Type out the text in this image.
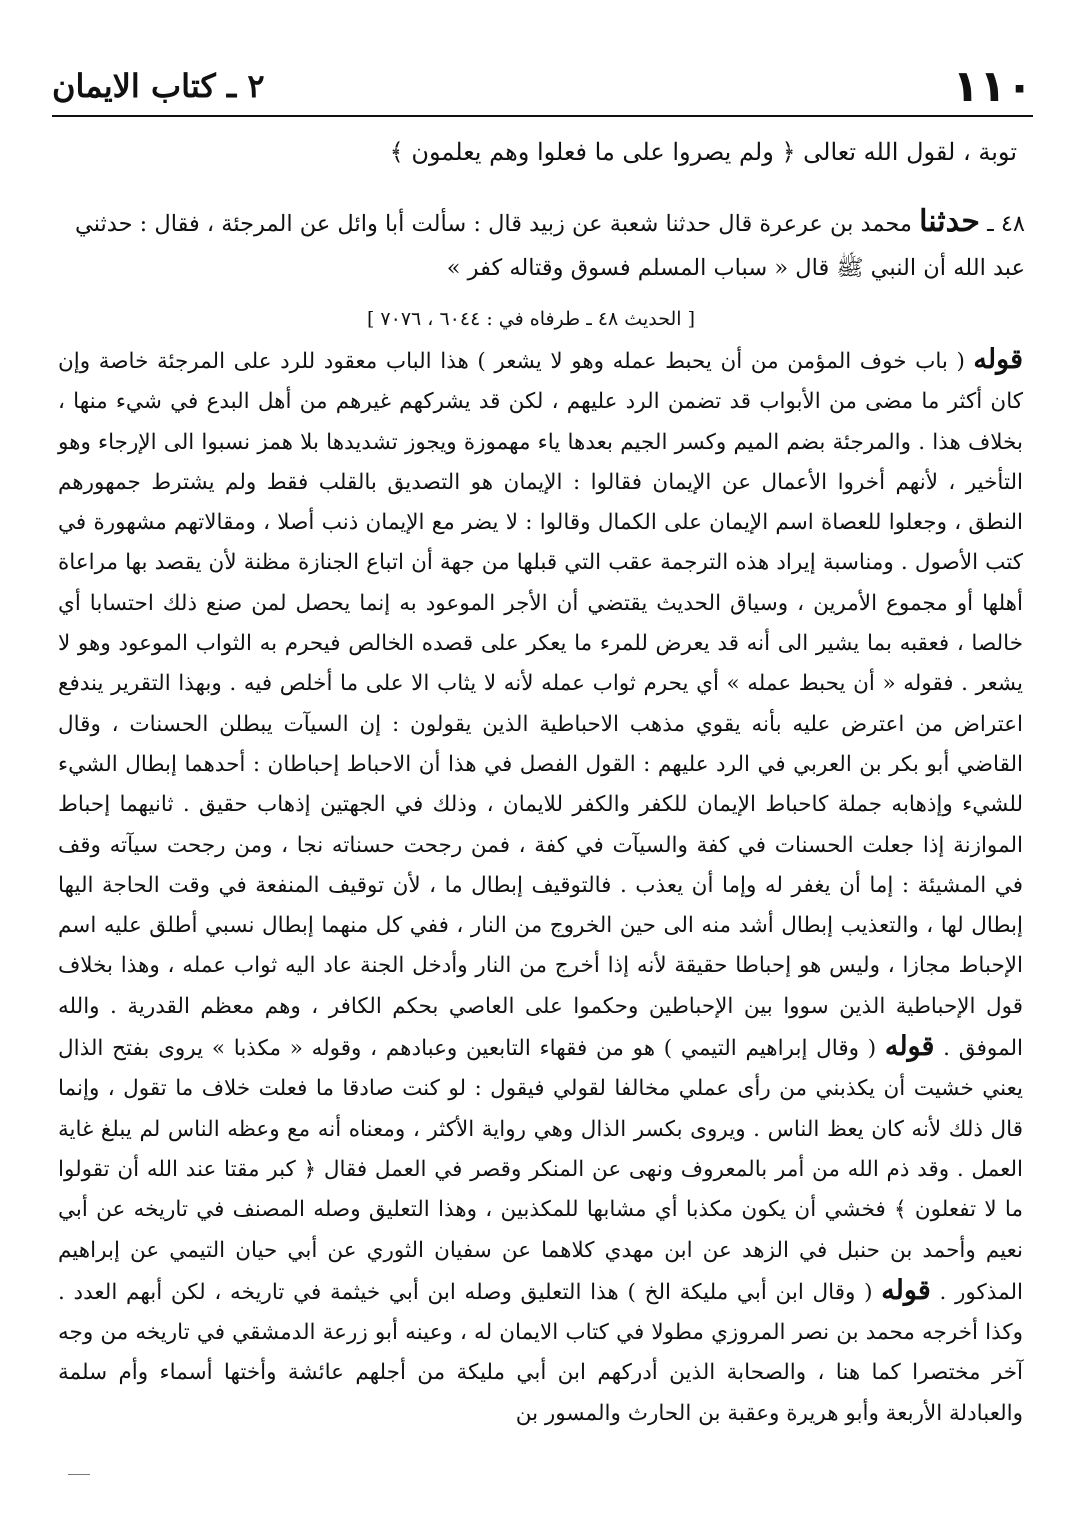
١١٠
٢ ـ كتاب الايمان
توبة ، لقول الله تعالى ﴿ ولم يصروا على ما فعلوا وهم يعلمون ﴾
٤٨ ـ حدثنا محمد بن عرعرة قال حدثنا شعبة عن زبيد قال : سألت أبا وائل عن المرجئة ، فقال : حدثني عبد الله أن النبي ﷺ قال « سباب المسلم فسوق وقتاله كفر »
[ الحديث ٤٨ ـ طرفاه في : ٦٠٤٤ ، ٧٠٧٦ ]
قوله ( باب خوف المؤمن من أن يحبط عمله وهو لا يشعر ) هذا الباب معقود للرد على المرجئة خاصة وإن كان أكثر ما مضى من الأبواب قد تضمن الرد عليهم ، لكن قد يشركهم غيرهم من أهل البدع في شيء منها ، بخلاف هذا . والمرجئة بضم الميم وكسر الجيم بعدها ياء مهموزة ويجوز تشديدها بلا همز نسبوا الى الإرجاء وهو التأخير ، لأنهم أخروا الأعمال عن الإيمان فقالوا : الإيمان هو التصديق بالقلب فقط ولم يشترط جمهورهم النطق ، وجعلوا للعصاة اسم الإيمان على الكمال وقالوا : لا يضر مع الإيمان ذنب أصلا ، ومقالاتهم مشهورة في كتب الأصول . ومناسبة إيراد هذه الترجمة عقب التي قبلها من جهة أن اتباع الجنازة مظنة لأن يقصد بها مراعاة أهلها أو مجموع الأمرين ، وسياق الحديث يقتضي أن الأجر الموعود به إنما يحصل لمن صنع ذلك احتسابا أي خالصا ، فعقبه بما يشير الى أنه قد يعرض للمرء ما يعكر على قصده الخالص فيحرم به الثواب الموعود وهو لا يشعر . فقوله « أن يحبط عمله » أي يحرم ثواب عمله لأنه لا يثاب الا على ما أخلص فيه . وبهذا التقرير يندفع اعتراض من اعترض عليه بأنه يقوي مذهب الاحباطية الذين يقولون : إن السيآت يبطلن الحسنات ، وقال القاضي أبو بكر بن العربي في الرد عليهم : القول الفصل في هذا أن الاحباط إحباطان : أحدهما إبطال الشيء للشيء وإذهابه جملة كاحباط الإيمان للكفر والكفر للايمان ، وذلك في الجهتين إذهاب حقيق . ثانيهما إحباط الموازنة إذا جعلت الحسنات في كفة والسيآت في كفة ، فمن رجحت حسناته نجا ، ومن رجحت سيآته وقف في المشيئة : إما أن يغفر له وإما أن يعذب . فالتوقيف إبطال ما ، لأن توقيف المنفعة في وقت الحاجة اليها إبطال لها ، والتعذيب إبطال أشد منه الى حين الخروج من النار ، ففي كل منهما إبطال نسبي أطلق عليه اسم الإحباط مجازا ، وليس هو إحباطا حقيقة لأنه إذا أخرج من النار وأدخل الجنة عاد اليه ثواب عمله ، وهذا بخلاف قول الإحباطية الذين سووا بين الإحباطين وحكموا على العاصي بحكم الكافر ، وهم معظم القدرية . والله الموفق . قوله ( وقال إبراهيم التيمي ) هو من فقهاء التابعين وعبادهم ، وقوله « مكذبا » يروى بفتح الذال يعني خشيت أن يكذبني من رأى عملي مخالفا لقولي فيقول : لو كنت صادقا ما فعلت خلاف ما تقول ، وإنما قال ذلك لأنه كان يعظ الناس . ويروى بكسر الذال وهي رواية الأكثر ، ومعناه أنه مع وعظه الناس لم يبلغ غاية العمل . وقد ذم الله من أمر بالمعروف ونهى عن المنكر وقصر في العمل فقال ﴿ كبر مقتا عند الله أن تقولوا ما لا تفعلون ﴾ فخشي أن يكون مكذبا أي مشابها للمكذبين ، وهذا التعليق وصله المصنف في تاريخه عن أبي نعيم وأحمد بن حنبل في الزهد عن ابن مهدي كلاهما عن سفيان الثوري عن أبي حيان التيمي عن إبراهيم المذكور . قوله ( وقال ابن أبي مليكة الخ ) هذا التعليق وصله ابن أبي خيثمة في تاريخه ، لكن أبهم العدد . وكذا أخرجه محمد بن نصر المروزي مطولا في كتاب الايمان له ، وعينه أبو زرعة الدمشقي في تاريخه من وجه آخر مختصرا كما هنا ، والصحابة الذين أدركهم ابن أبي مليكة من أجلهم عائشة وأختها أسماء وأم سلمة والعبادلة الأربعة وأبو هريرة وعقبة بن الحارث والمسور بن
